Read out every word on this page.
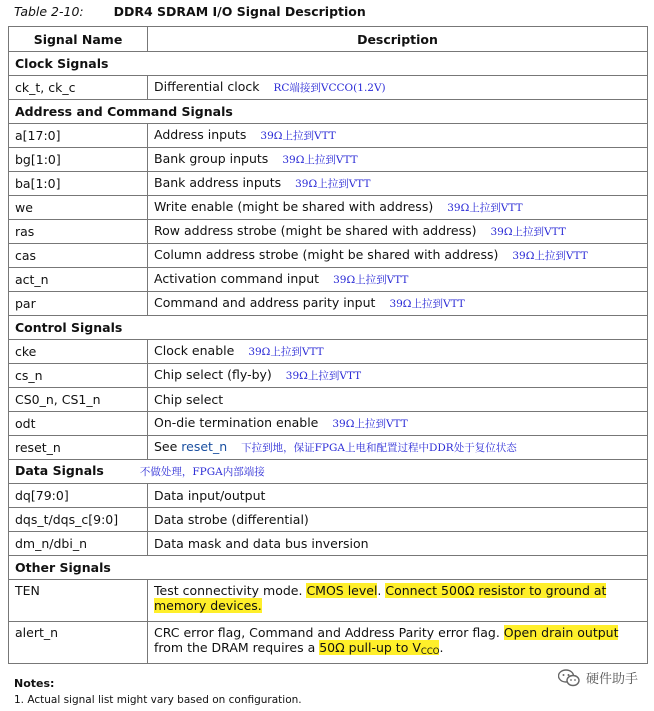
Table 2-10: DDR4 SDRAM I/O Signal Description
Signal Name	Description
Clock Signals	
ck_t, ck_c	Differential clock RC端接到VCCO(1.2V)
Address and Command Signals	
a[17:0]	Address inputs 39Ω上拉到VTT
bg[1:0]	Bank group inputs 39Ω上拉到VTT
ba[1:0]	Bank address inputs 39Ω上拉到VTT
we	Write enable (might be shared with address) 39Ω上拉到VTT
ras	Row address strobe (might be shared with address) 39Ω上拉到VTT
cas	Column address strobe (might be shared with address) 39Ω上拉到VTT
act_n	Activation command input 39Ω上拉到VTT
par	Command and address parity input 39Ω上拉到VTT
Control Signals	
cke	Clock enable 39Ω上拉到VTT
cs_n	Chip select (fly-by) 39Ω上拉到VTT
CS0_n, CS1_n	Chip select
odt	On-die termination enable 39Ω上拉到VTT
reset_n	See reset_n 下拉到地，保证FPGA上电和配置过程中DDR处于复位状态
Data Signals 不做处理，FPGA内部端接	
dq[79:0]	Data input/output
dqs_t/dqs_c[9:0]	Data strobe (differential)
dm_n/dbi_n	Data mask and data bus inversion
Other Signals	
TEN	Test connectivity mode. CMOS level. Connect 500Ω resistor to ground at memory devices.
alert_n	CRC error flag, Command and Address Parity error flag. Open drain output from the DRAM requires a 50Ω pull-up to $V_{CCO}$.
Notes:
1. Actual signal list might vary based on configuration.
硬件助手
